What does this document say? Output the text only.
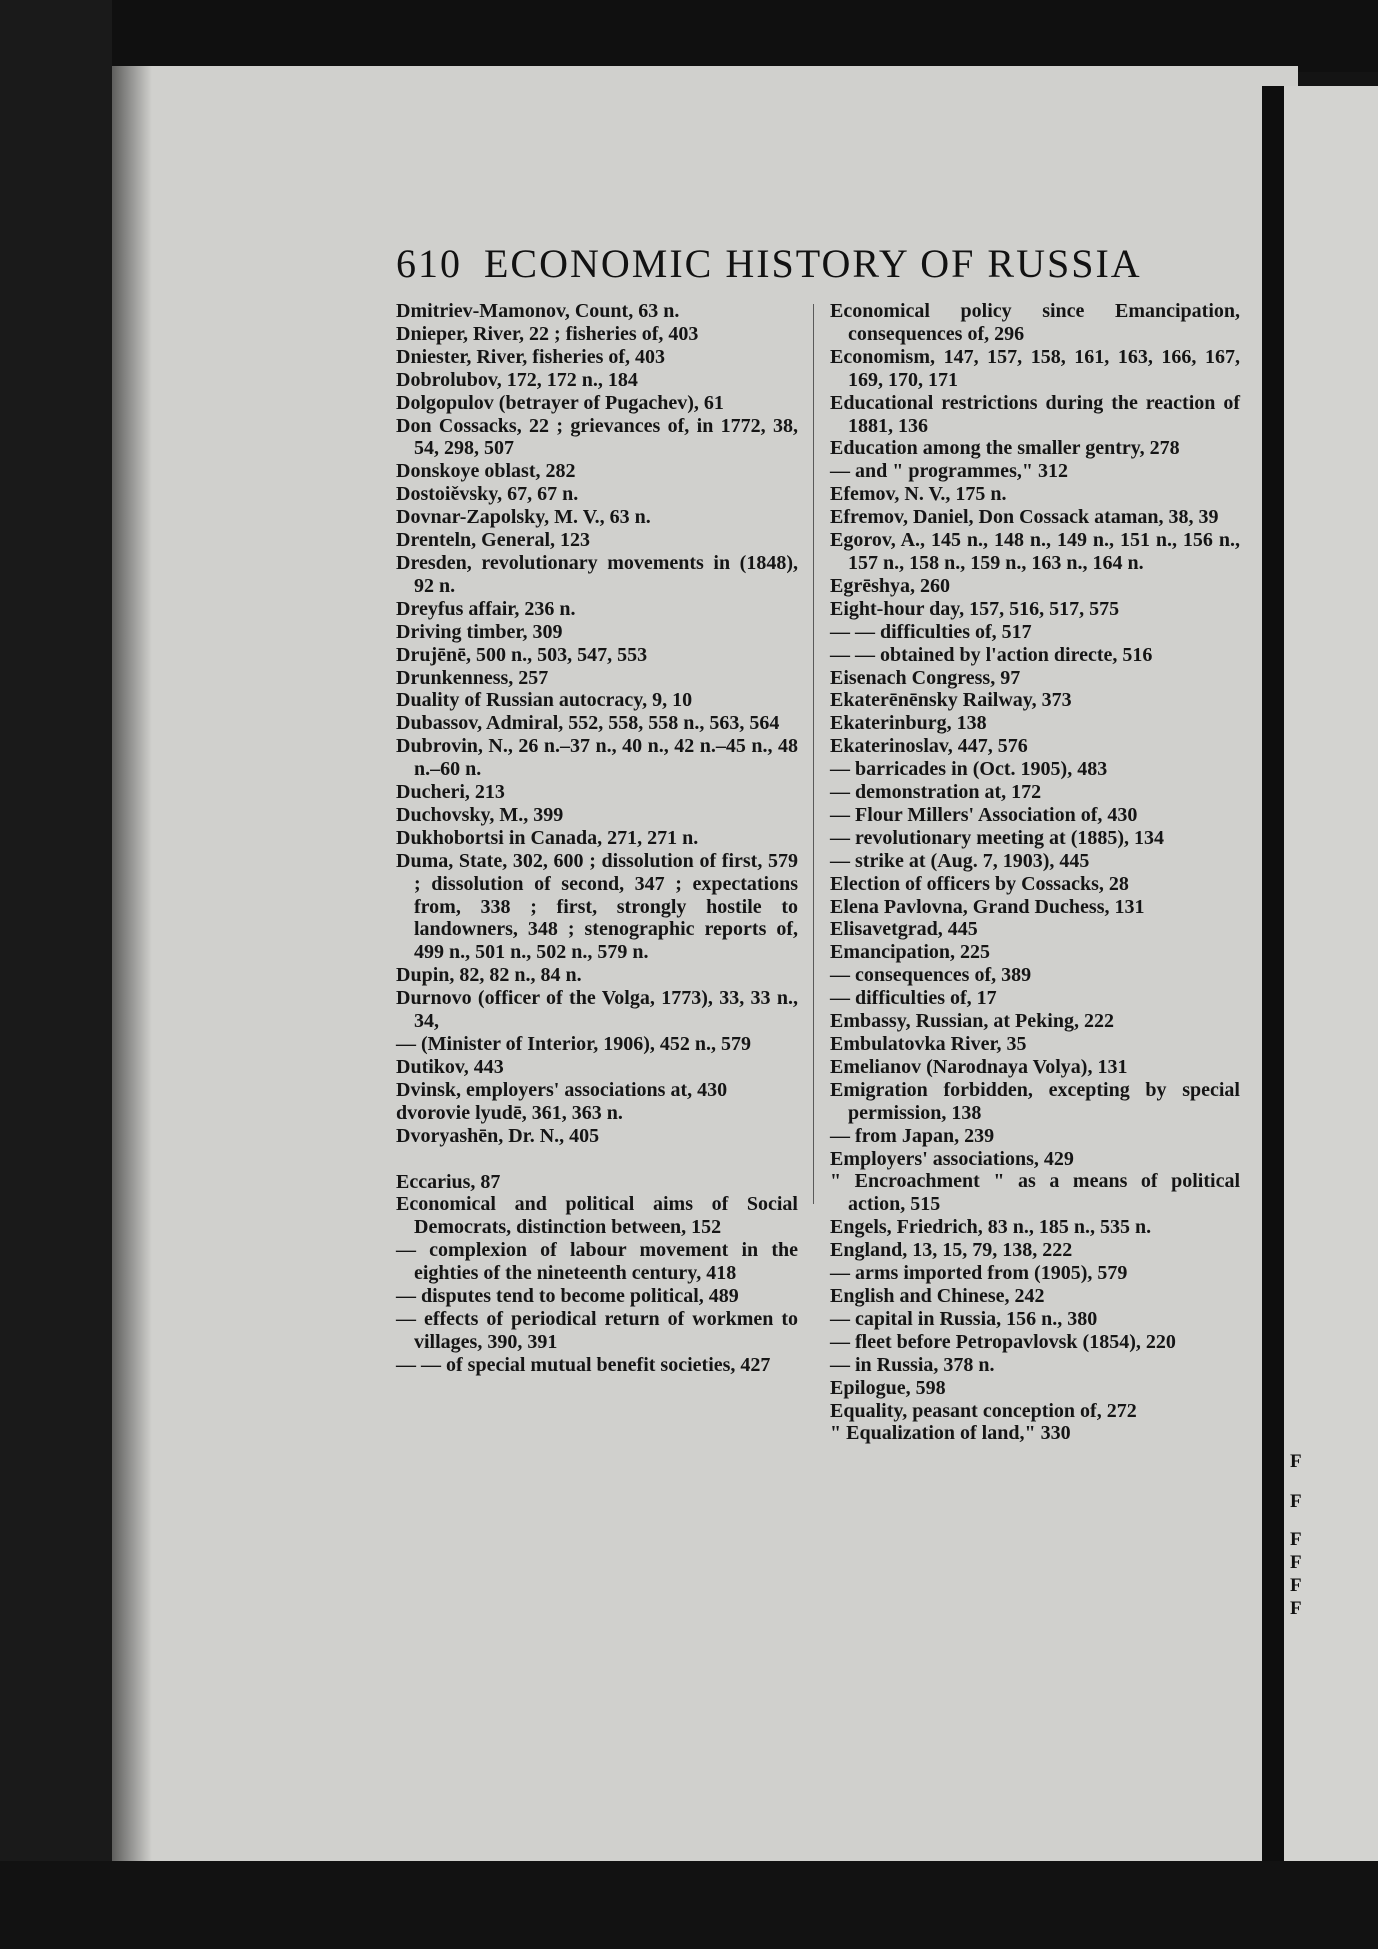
F
F
F
F
F
F
610 ECONOMIC HISTORY OF RUSSIA

Dmitriev-Mamonov, Count, 63 n.

Dnieper, River, 22 ; fisheries of, 403

Dniester, River, fisheries of, 403

Dobrolubov, 172, 172 n., 184

Dolgopulov (betrayer of Pugachev), 61

Don Cossacks, 22 ; grievances of, in 1772, 38, 54, 298, 507

Donskoye oblast, 282

Dostoiěvsky, 67, 67 n.

Dovnar-Zapolsky, M. V., 63 n.

Drenteln, General, 123

Dresden, revolutionary movements in (1848), 92 n.

Dreyfus affair, 236 n.

Driving timber, 309

Drujēnē, 500 n., 503, 547, 553

Drunkenness, 257

Duality of Russian autocracy, 9, 10

Dubassov, Admiral, 552, 558, 558 n., 563, 564

Dubrovin, N., 26 n.–37 n., 40 n., 42 n.–45 n., 48 n.–60 n.

Ducheri, 213

Duchovsky, M., 399

Dukhobortsi in Canada, 271, 271 n.

Duma, State, 302, 600 ; dissolution of first, 579 ; dissolution of second, 347 ; expectations from, 338 ; first, strongly hostile to landowners, 348 ; stenographic reports of, 499 n., 501 n., 502 n., 579 n.

Dupin, 82, 82 n., 84 n.

Durnovo (officer of the Volga, 1773), 33, 33 n., 34,

— (Minister of Interior, 1906), 452 n., 579

Dutikov, 443

Dvinsk, employers' associations at, 430

dvorovie lyudē, 361, 363 n.

Dvoryashēn, Dr. N., 405

Eccarius, 87

Economical and political aims of Social Democrats, distinction between, 152

— complexion of labour movement in the eighties of the nineteenth century, 418

— disputes tend to become political, 489

— effects of periodical return of workmen to villages, 390, 391

— — of special mutual benefit societies, 427

Economical policy since Emancipation, consequences of, 296

Economism, 147, 157, 158, 161, 163, 166, 167, 169, 170, 171

Educational restrictions during the reaction of 1881, 136

Education among the smaller gentry, 278

— and " programmes," 312

Efemov, N. V., 175 n.

Efremov, Daniel, Don Cossack ataman, 38, 39

Egorov, A., 145 n., 148 n., 149 n., 151 n., 156 n., 157 n., 158 n., 159 n., 163 n., 164 n.

Egrēshya, 260

Eight-hour day, 157, 516, 517, 575

— — difficulties of, 517

— — obtained by l'action directe, 516

Eisenach Congress, 97

Ekaterēnēnsky Railway, 373

Ekaterinburg, 138

Ekaterinoslav, 447, 576

— barricades in (Oct. 1905), 483

— demonstration at, 172

— Flour Millers' Association of, 430

— revolutionary meeting at (1885), 134

— strike at (Aug. 7, 1903), 445

Election of officers by Cossacks, 28

Elena Pavlovna, Grand Duchess, 131

Elisavetgrad, 445

Emancipation, 225

— consequences of, 389

— difficulties of, 17

Embassy, Russian, at Peking, 222

Embulatovka River, 35

Emelianov (Narodnaya Volya), 131

Emigration forbidden, excepting by special permission, 138

— from Japan, 239

Employers' associations, 429

" Encroachment " as a means of political action, 515

Engels, Friedrich, 83 n., 185 n., 535 n.

England, 13, 15, 79, 138, 222

— arms imported from (1905), 579

English and Chinese, 242

— capital in Russia, 156 n., 380

— fleet before Petropavlovsk (1854), 220

— in Russia, 378 n.

Epilogue, 598

Equality, peasant conception of, 272

" Equalization of land," 330
